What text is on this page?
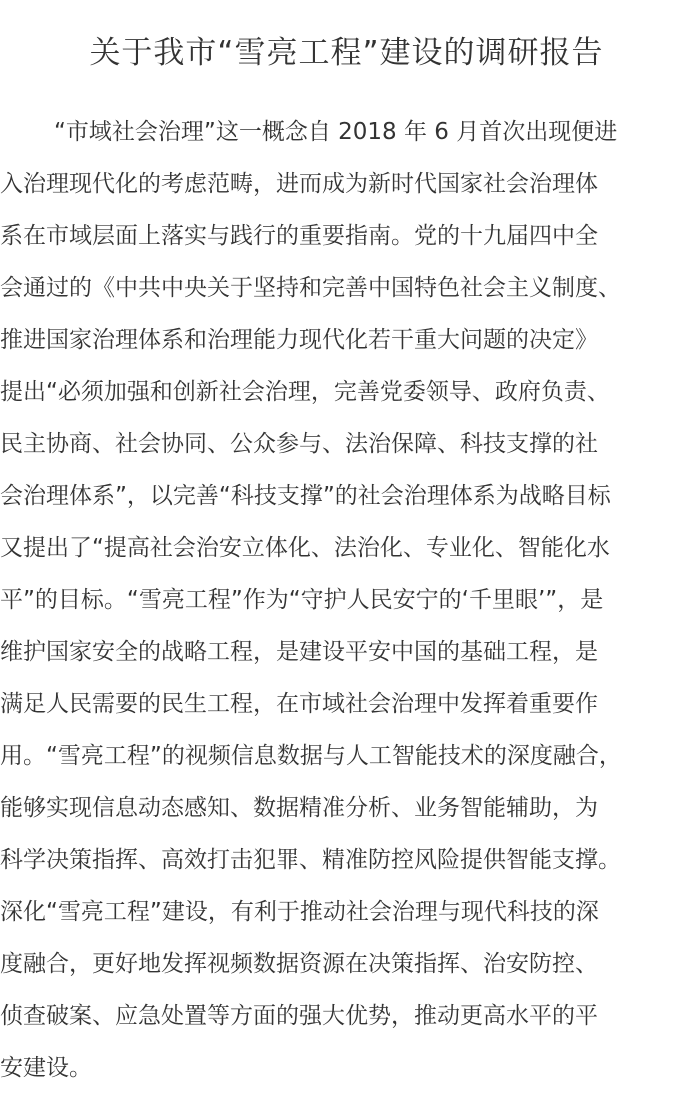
关于我市“雪亮工程”建设的调研报告
“市域社会治理”这一概念自 2018 年 6 月首次出现便进
入治理现代化的考虑范畴，进而成为新时代国家社会治理体
系在市域层面上落实与践行的重要指南。党的十九届四中全
会通过的《中共中央关于坚持和完善中国特色社会主义制度、
推进国家治理体系和治理能力现代化若干重大问题的决定》
提出“必须加强和创新社会治理，完善党委领导、政府负责、
民主协商、社会协同、公众参与、法治保障、科技支撑的社
会治理体系”，以完善“科技支撑”的社会治理体系为战略目标
又提出了“提高社会治安立体化、法治化、专业化、智能化水
平”的目标。“雪亮工程”作为“守护人民安宁的‘千里眼’”，是
维护国家安全的战略工程，是建设平安中国的基础工程，是
满足人民需要的民生工程，在市域社会治理中发挥着重要作
用。“雪亮工程”的视频信息数据与人工智能技术的深度融合，
能够实现信息动态感知、数据精准分析、业务智能辅助，为
科学决策指挥、高效打击犯罪、精准防控风险提供智能支撑。
深化“雪亮工程”建设，有利于推动社会治理与现代科技的深
度融合，更好地发挥视频数据资源在决策指挥、治安防控、
侦查破案、应急处置等方面的强大优势，推动更高水平的平
安建设。
